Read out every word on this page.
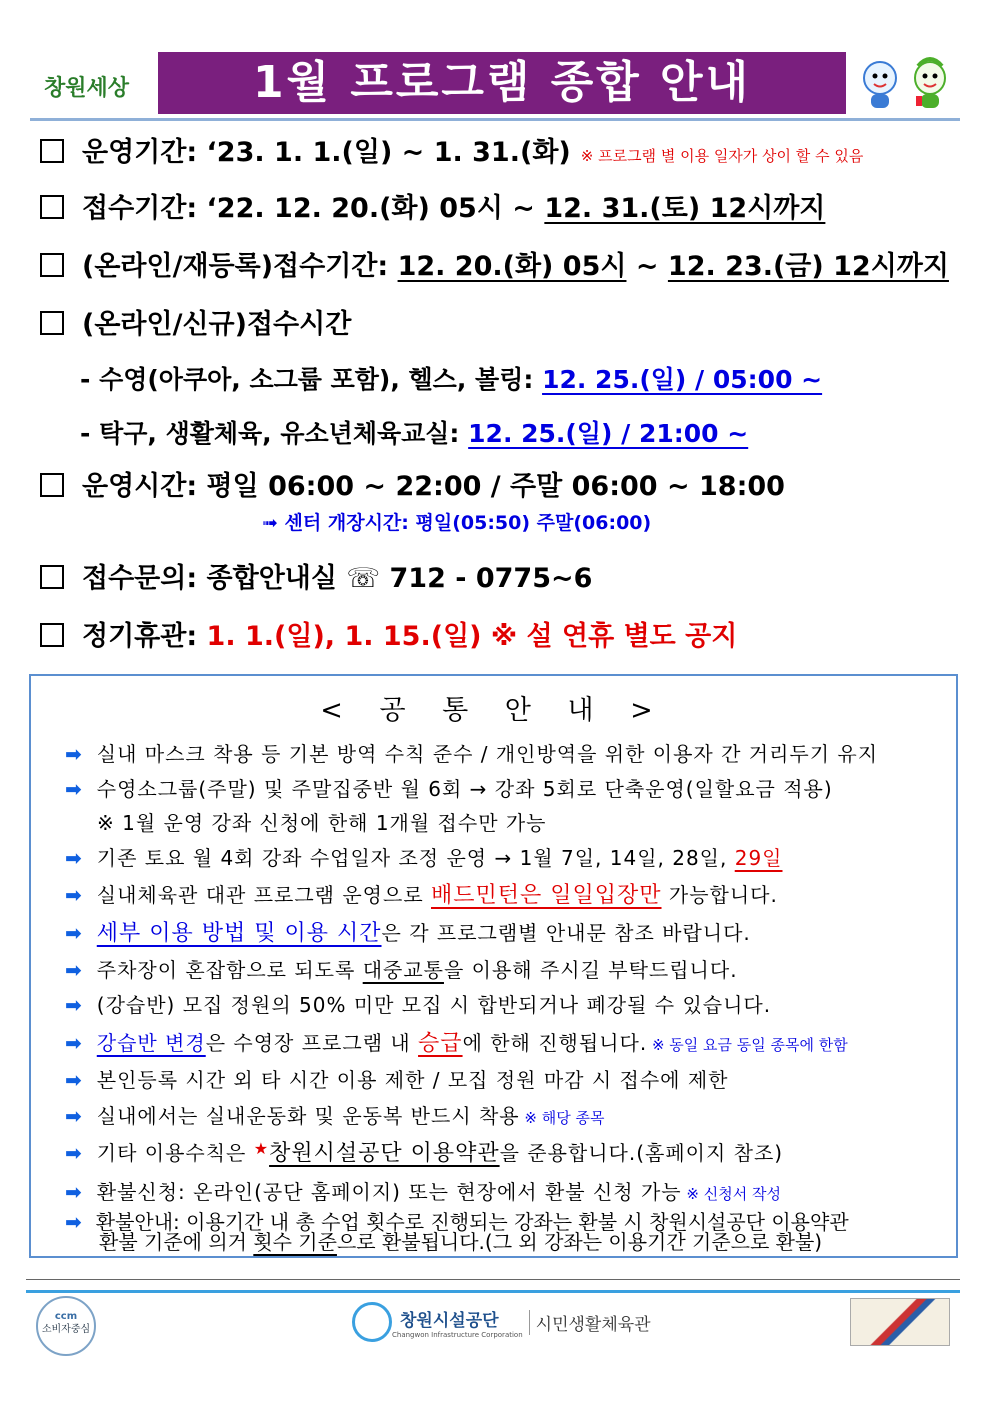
창원세상	1월 프로그램 종합 안내
운영기간: ‘23. 1. 1.(일) ~ 1. 31.(화) ※ 프로그램 별 이용 일자가 상이 할 수 있음
접수기간: ‘22. 12. 20.(화) 05시 ~ 12. 31.(토) 12시까지
(온라인/재등록)접수기간: 12. 20.(화) 05시 ~ 12. 23.(금) 12시까지
(온라인/신규)접수시간
- 수영(아쿠아, 소그룹 포함), 헬스, 볼링: 12. 25.(일) / 05:00 ~
- 탁구, 생활체육, 유소년체육교실: 12. 25.(일) / 21:00 ~
운영시간: 평일 06:00 ~ 22:00 / 주말 06:00 ~ 18:00
➟ 센터 개장시간: 평일(05:50) 주말(06:00)
접수문의: 종합안내실 ☏ 712 - 0775~6
정기휴관: 1. 1.(일), 1. 15.(일) ※ 설 연휴 별도 공지
< 공 통 안 내 >
➡ 실내 마스크 착용 등 기본 방역 수칙 준수 / 개인방역을 위한 이용자 간 거리두기 유지
➡ 수영소그룹(주말) 및 주말집중반 월 6회 → 강좌 5회로 단축운영(일할요금 적용)
※ 1월 운영 강좌 신청에 한해 1개월 접수만 가능
➡ 기존 토요 월 4회 강좌 수업일자 조정 운영 → 1월 7일, 14일, 28일, 29일
➡ 실내체육관 대관 프로그램 운영으로 배드민턴은 일일입장만 가능합니다.
➡ 세부 이용 방법 및 이용 시간은 각 프로그램별 안내문 참조 바랍니다.
➡ 주차장이 혼잡함으로 되도록 대중교통을 이용해 주시길 부탁드립니다.
➡ (강습반) 모집 정원의 50% 미만 모집 시 합반되거나 폐강될 수 있습니다.
➡ 강습반 변경은 수영장 프로그램 내 승급에 한해 진행됩니다. ※ 동일 요금 동일 종목에 한함
➡ 본인등록 시간 외 타 시간 이용 제한 / 모집 정원 마감 시 접수에 제한
➡ 실내에서는 실내운동화 및 운동복 반드시 착용 ※ 해당 종목
➡ 기타 이용수칙은 ★창원시설공단 이용약관을 준용합니다.(홈페이지 참조)
➡ 환불신청: 온라인(공단 홈페이지) 또는 현장에서 환불 신청 가능 ※ 신청서 작성
➡ 환불안내: 이용기간 내 총 수업 횟수로 진행되는 강좌는 환불 시 창원시설공단 이용약관
환불 기준에 의거 횟수 기준으로 환불됩니다.(그 외 강좌는 이용기간 기준으로 환불)
ccm
소비자중심	창원시설공단
Changwon Infrastructure Corporation 시민생활체육관
